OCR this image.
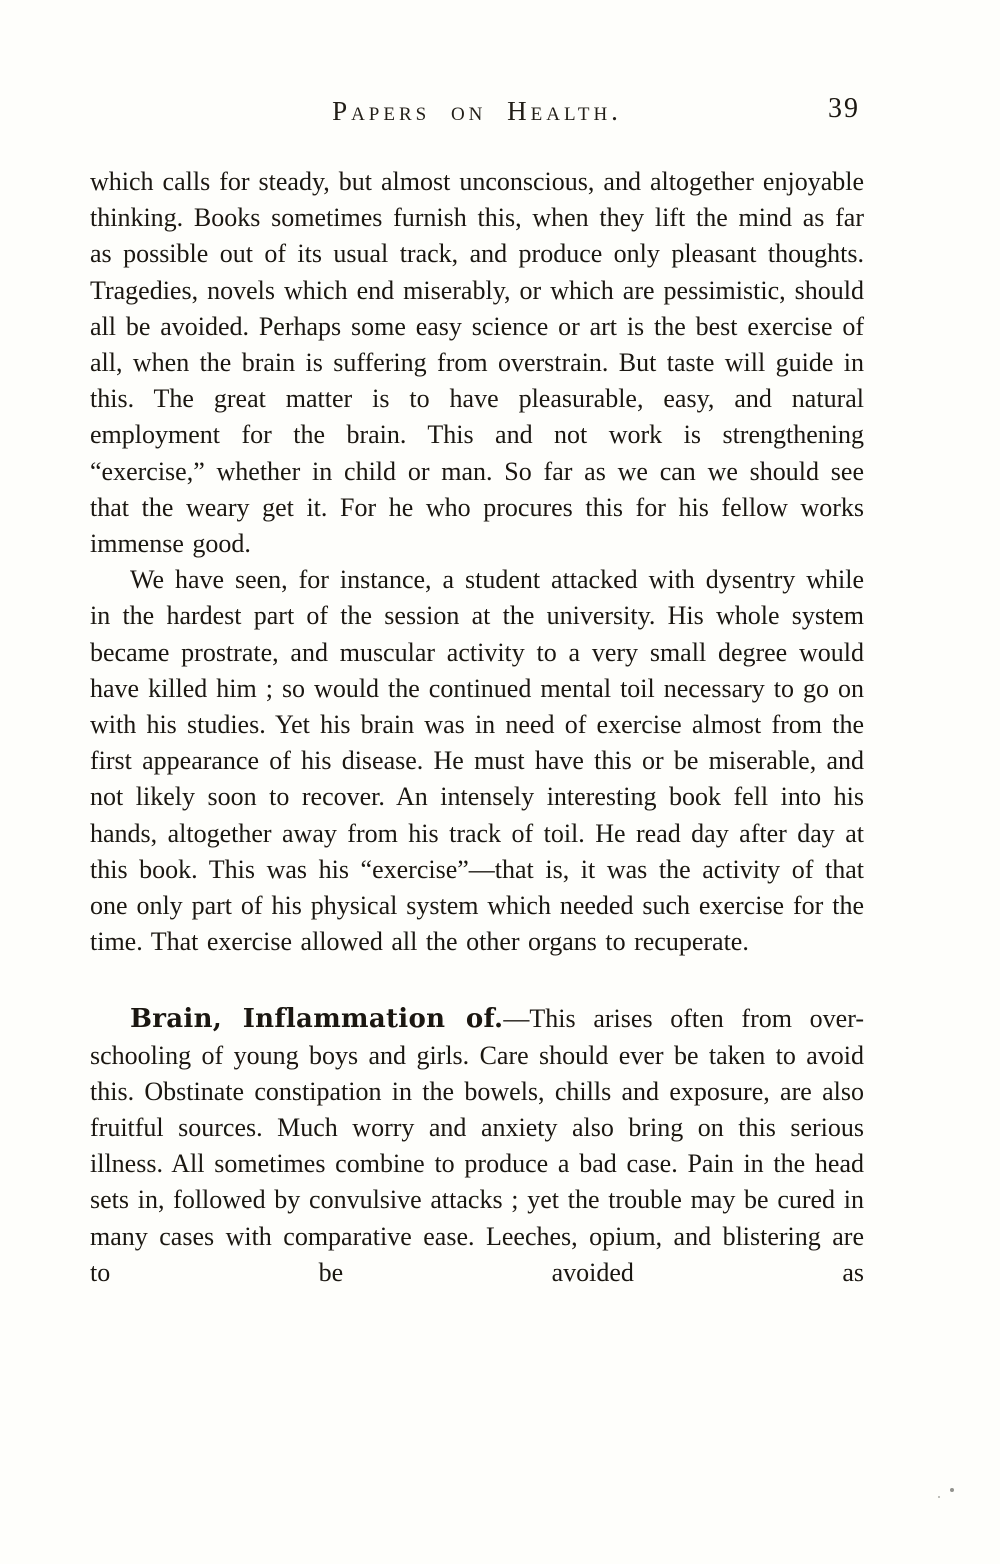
Papers on Health.	39

which calls for steady, but almost unconscious, and altogether enjoyable thinking. Books sometimes furnish this, when they lift the mind as far as possible out of its usual track, and produce only pleasant thoughts. Tragedies, novels which end miserably, or which are pessimistic, should all be avoided. Perhaps some easy science or art is the best exercise of all, when the brain is suffering from overstrain. But taste will guide in this. The great matter is to have pleasurable, easy, and natural employment for the brain. This and not work is strengthening “exercise,” whether in child or man. So far as we can we should see that the weary get it. For he who procures this for his fellow works immense good.

We have seen, for instance, a student attacked with dysentry while in the hardest part of the session at the university. His whole system became prostrate, and muscular activity to a very small degree would have killed him ; so would the continued mental toil necessary to go on with his studies. Yet his brain was in need of exercise almost from the first appearance of his disease. He must have this or be miserable, and not likely soon to recover. An intensely interesting book fell into his hands, altogether away from his track of toil. He read day after day at this book. This was his “exercise”—that is, it was the activity of that one only part of his physical system which needed such exercise for the time. That exercise allowed all the other organs to recuperate.

Brain, Inflammation of.—This arises often from over-schooling of young boys and girls. Care should ever be taken to avoid this. Obstinate constipation in the bowels, chills and exposure, are also fruitful sources. Much worry and anxiety also bring on this serious illness. All sometimes combine to produce a bad case. Pain in the head sets in, followed by convulsive attacks ; yet the trouble may be cured in many cases with comparative ease. Leeches, opium, and blistering are to be avoided as
